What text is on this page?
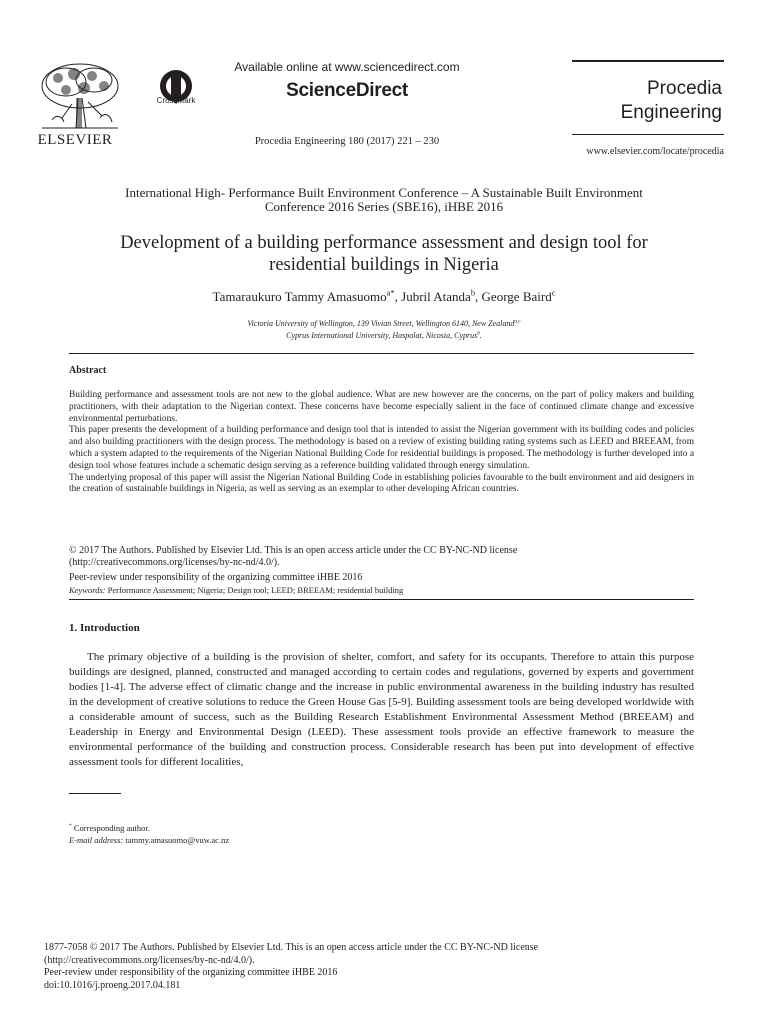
ELSEVIER
CrossMark
Available online at www.sciencedirect.com
ScienceDirect
Procedia Engineering 180 (2017) 221 – 230
Procedia
Engineering
www.elsevier.com/locate/procedia
International High- Performance Built Environment Conference – A Sustainable Built Environment
Conference 2016 Series (SBE16), iHBE 2016
Development of a building performance assessment and design tool for
residential buildings in Nigeria
Tamaraukuro Tammy Amasuomo$^{a*}$, Jubril Atanda$^b$, George Baird$^c$
Victoria University of Wellington, 139 Vivian Street, Wellington 6140, New Zealand$^{a,c}$
Cyprus International University, Haspolat, Nicosia, Cyprus$^b$.
Abstract

Building performance and assessment tools are not new to the global audience. What are new however are the concerns, on the part of policy makers and building practitioners, with their adaptation to the Nigerian context. These concerns have become especially salient in the face of continued climate change and excessive environmental perturbations.

This paper presents the development of a building performance and design tool that is intended to assist the Nigerian government with its building codes and policies and also building practitioners with the design process. The methodology is based on a review of existing building rating systems such as LEED and BREEAM, from which a system adapted to the requirements of the Nigerian National Building Code for residential buildings is proposed. The methodology is further developed into a design tool whose features include a schematic design serving as a reference building validated through energy simulation.

The underlying proposal of this paper will assist the Nigerian National Building Code in establishing policies favourable to the built environment and aid designers in the creation of sustainable buildings in Nigeria, as well as serving as an exemplar to other developing African countries.

© 2017 The Authors. Published by Elsevier Ltd. This is an open access article under the CC BY-NC-ND license
(http://creativecommons.org/licenses/by-nc-nd/4.0/).
Peer-review under responsibility of the organizing committee iHBE 2016
Keywords: Performance Assessment; Nigeria; Design tool; LEED; BREEAM; residential building
1. Introduction
The primary objective of a building is the provision of shelter, comfort, and safety for its occupants. Therefore to attain this purpose buildings are designed, planned, constructed and managed according to certain codes and regulations, governed by experts and government bodies [1-4]. The adverse effect of climatic change and the increase in public environmental awareness in the building industry has resulted in the development of creative solutions to reduce the Green House Gas [5-9]. Building assessment tools are being developed worldwide with a considerable amount of success, such as the Building Research Establishment Environmental Assessment Method (BREEAM) and Leadership in Energy and Environmental Design (LEED). These assessment tools provide an effective framework to measure the environmental performance of the building and construction process. Considerable research has been put into development of effective assessment tools for different localities,
* Corresponding author.
E-mail address: tammy.amasuomo@vuw.ac.nz
1877-7058 © 2017 The Authors. Published by Elsevier Ltd. This is an open access article under the CC BY-NC-ND license
(http://creativecommons.org/licenses/by-nc-nd/4.0/).
Peer-review under responsibility of the organizing committee iHBE 2016
doi:10.1016/j.proeng.2017.04.181
